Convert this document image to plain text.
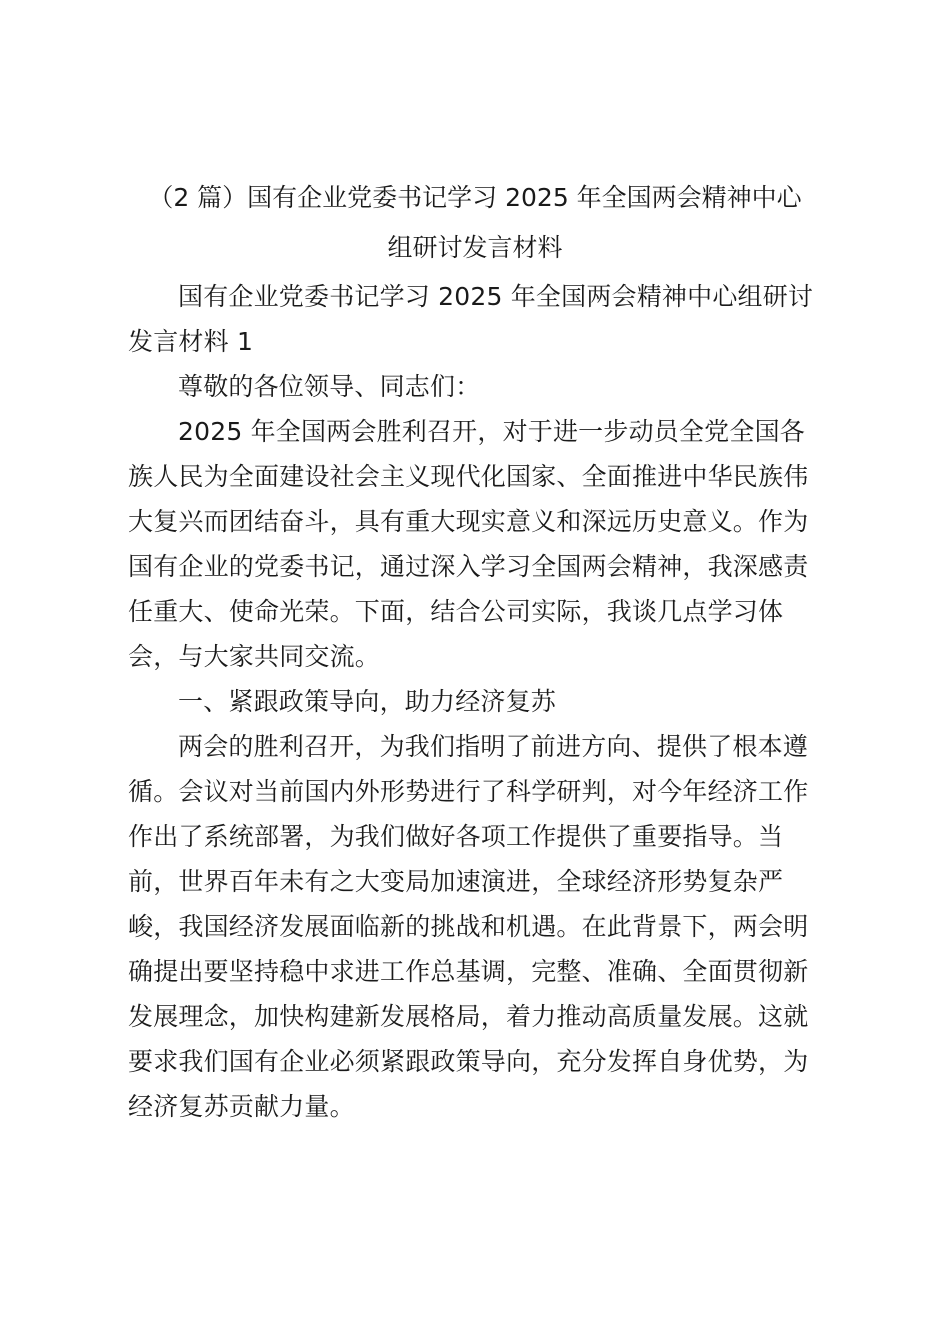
（2 篇）国有企业党委书记学习 2025 年全国两会精神中心
组研讨发言材料

国有企业党委书记学习 2025 年全国两会精神中心组研讨

发言材料 1

尊敬的各位领导、同志们：

2025 年全国两会胜利召开，对于进一步动员全党全国各

族人民为全面建设社会主义现代化国家、全面推进中华民族伟

大复兴而团结奋斗，具有重大现实意义和深远历史意义。作为

国有企业的党委书记，通过深入学习全国两会精神，我深感责

任重大、使命光荣。下面，结合公司实际，我谈几点学习体

会，与大家共同交流。

一、紧跟政策导向，助力经济复苏

两会的胜利召开，为我们指明了前进方向、提供了根本遵

循。会议对当前国内外形势进行了科学研判，对今年经济工作

作出了系统部署，为我们做好各项工作提供了重要指导。当

前，世界百年未有之大变局加速演进，全球经济形势复杂严

峻，我国经济发展面临新的挑战和机遇。在此背景下，两会明

确提出要坚持稳中求进工作总基调，完整、准确、全面贯彻新

发展理念，加快构建新发展格局，着力推动高质量发展。这就

要求我们国有企业必须紧跟政策导向，充分发挥自身优势，为

经济复苏贡献力量。
